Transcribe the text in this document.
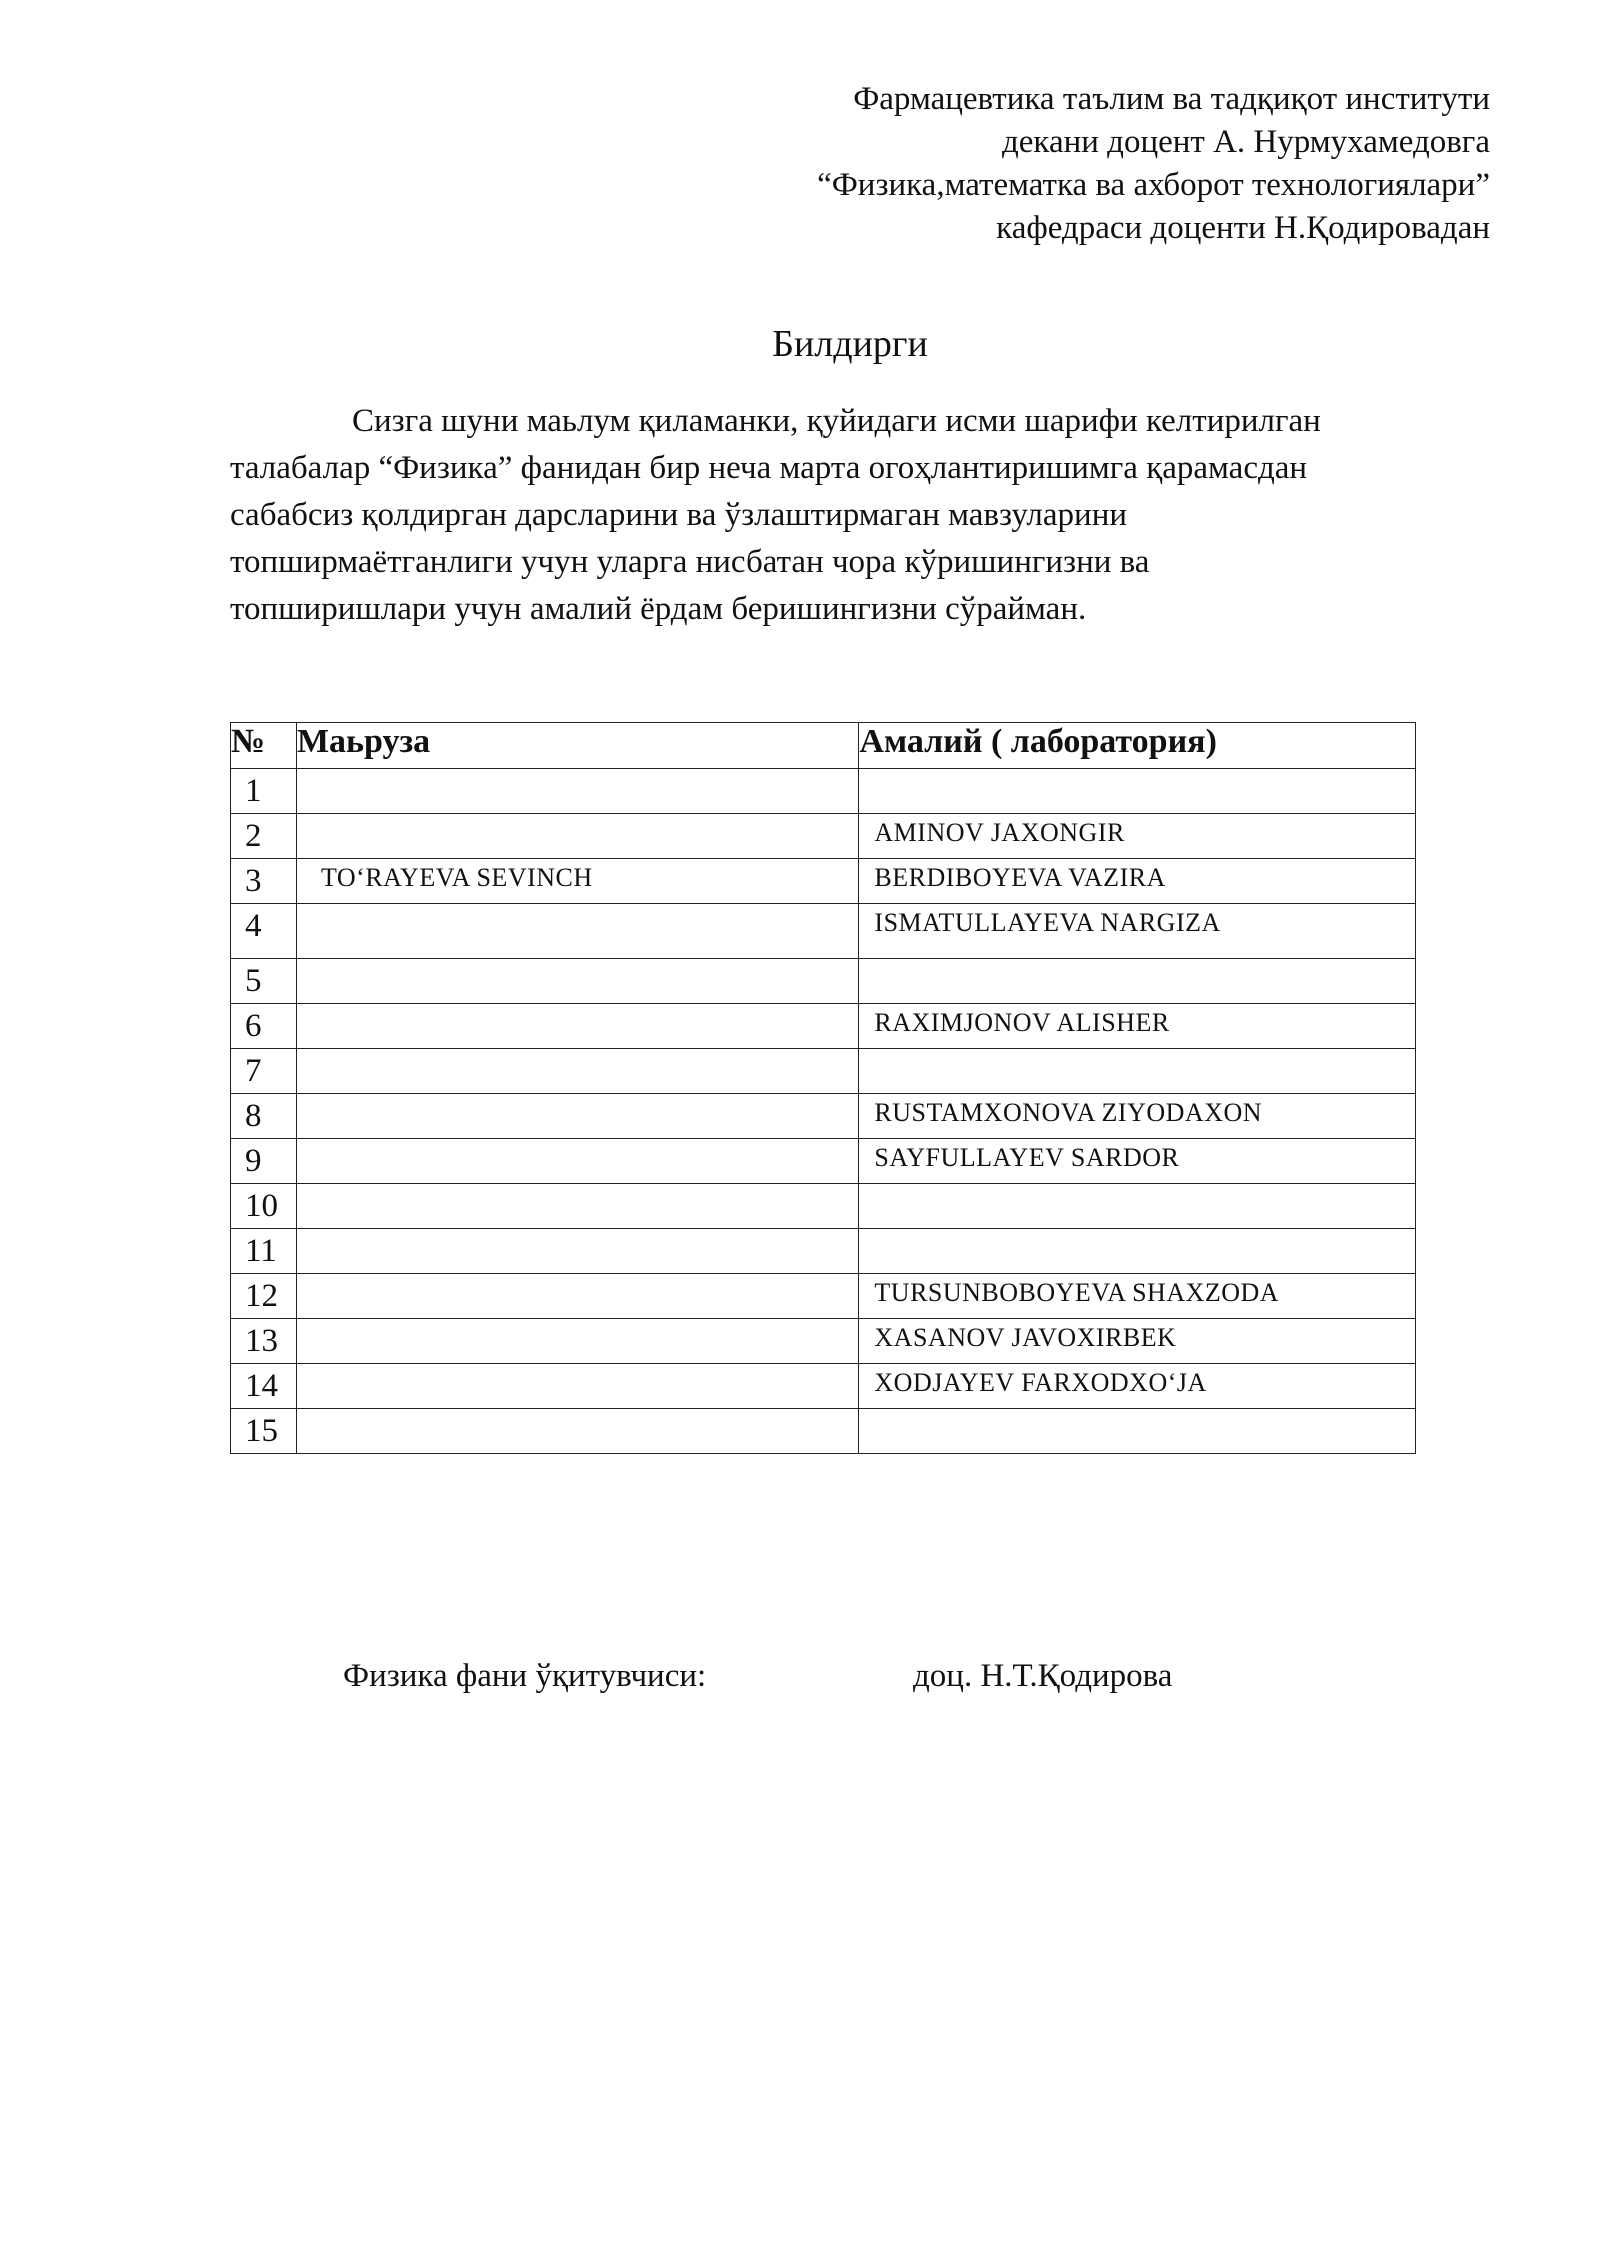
Фармацевтика таълим ва тадқиқот институти
декани доцент А. Нурмухамедовга
“Физика,математка ва ахборот технологиялари”
кафедраси доценти Н.Қодировадан
Билдирги

Сизга шуни маьлум қиламанки, қуйидаги исми шарифи келтирилган
талабалар “Физика” фанидан бир неча марта огоҳлантиришимга қарамасдан
сабабсиз қолдирган дарсларини ва ўзлаштирмаган мавзуларини
топширмаётганлиги учун уларга нисбатан чора кўришингизни ва
топширишлари учун амалий ёрдам беришингизни сўрайман.

№	Маьруза	Амалий ( лаборатория)
1		
2		AMINOV JAXONGIR
3	TO‘RAYEVA SEVINCH	BERDIBOYEVA VAZIRA
4		ISMATULLAYEVA NARGIZA
5		
6		RAXIMJONOV ALISHER
7		
8		RUSTAMXONOVA ZIYODAXON
9		SAYFULLAYEV SARDOR
10		
11		
12		TURSUNBOBOYEVA SHAXZODA
13		XASANOV JAVOXIRBEK
14		XODJAYEV FARXODXO‘JA
15		
Физика фани ўқитувчиси:	доц. Н.Т.Қодирова
